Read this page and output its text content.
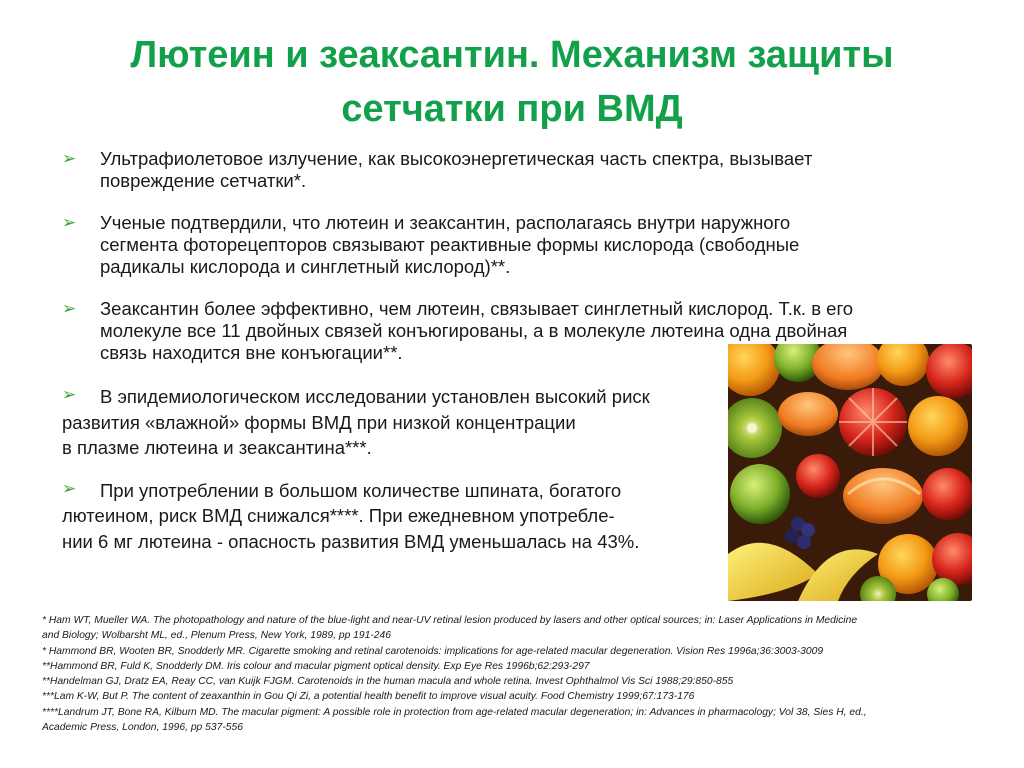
Лютеин и зеаксантин. Механизм защиты
сетчатки при ВМД
➢ Ультрафиолетовое излучение, как высокоэнергетическая часть спектра, вызывает
повреждение сетчатки*.
➢ Ученые подтвердили, что лютеин и зеаксантин, располагаясь внутри наружного
сегмента фоторецепторов связывают реактивные формы кислорода (свободные
радикалы кислорода и синглетный кислород)**.
➢ Зеаксантин более эффективно, чем лютеин, связывает синглетный кислород. Т.к. в его
молекуле все 11 двойных связей конъюгированы, а в молекуле лютеина одна двойная
связь находится вне конъюгации**.
➢ В эпидемиологическом исследовании установлен высокий риск
развития «влажной» формы ВМД при низкой концентрации
в плазме лютеина и зеаксантина***.
➢ При употреблении в большом количестве шпината, богатого
лютеином, риск ВМД снижался****. При ежедневном употребле-
нии 6 мг лютеина - опасность развития ВМД уменьшалась на 43%.
* Ham WT, Mueller WA. The photopathology and nature of the blue-light and near-UV retinal lesion produced by lasers and other optical sources; in: Laser Applications in Medicine
and Biology; Wolbarsht ML, ed., Plenum Press, New York, 1989, pp 191-246
* Hammond BR, Wooten BR, Snodderly MR. Cigarette smoking and retinal carotenoids: implications for age-related macular degeneration. Vision Res 1996a;36:3003-3009
**Hammond BR, Fuld K, Snodderly DM. Iris colour and macular pigment optical density. Exp Eye Res 1996b;62:293-297
**Handelman GJ, Dratz EA, Reay CC, van Kuijk FJGM. Carotenoids in the human macula and whole retina. Invest Ophthalmol Vis Sci 1988;29:850-855
***Lam K-W, But P. The content of zeaxanthin in Gou Qi Zi, a potential health benefit to improve visual acuity. Food Chemistry 1999;67:173-176
****Landrum JT, Bone RA, Kilburn MD. The macular pigment: A possible role in protection from age-related macular degeneration; in: Advances in pharmacology; Vol 38, Sies H, ed.,
Academic Press, London, 1996, pp 537-556
